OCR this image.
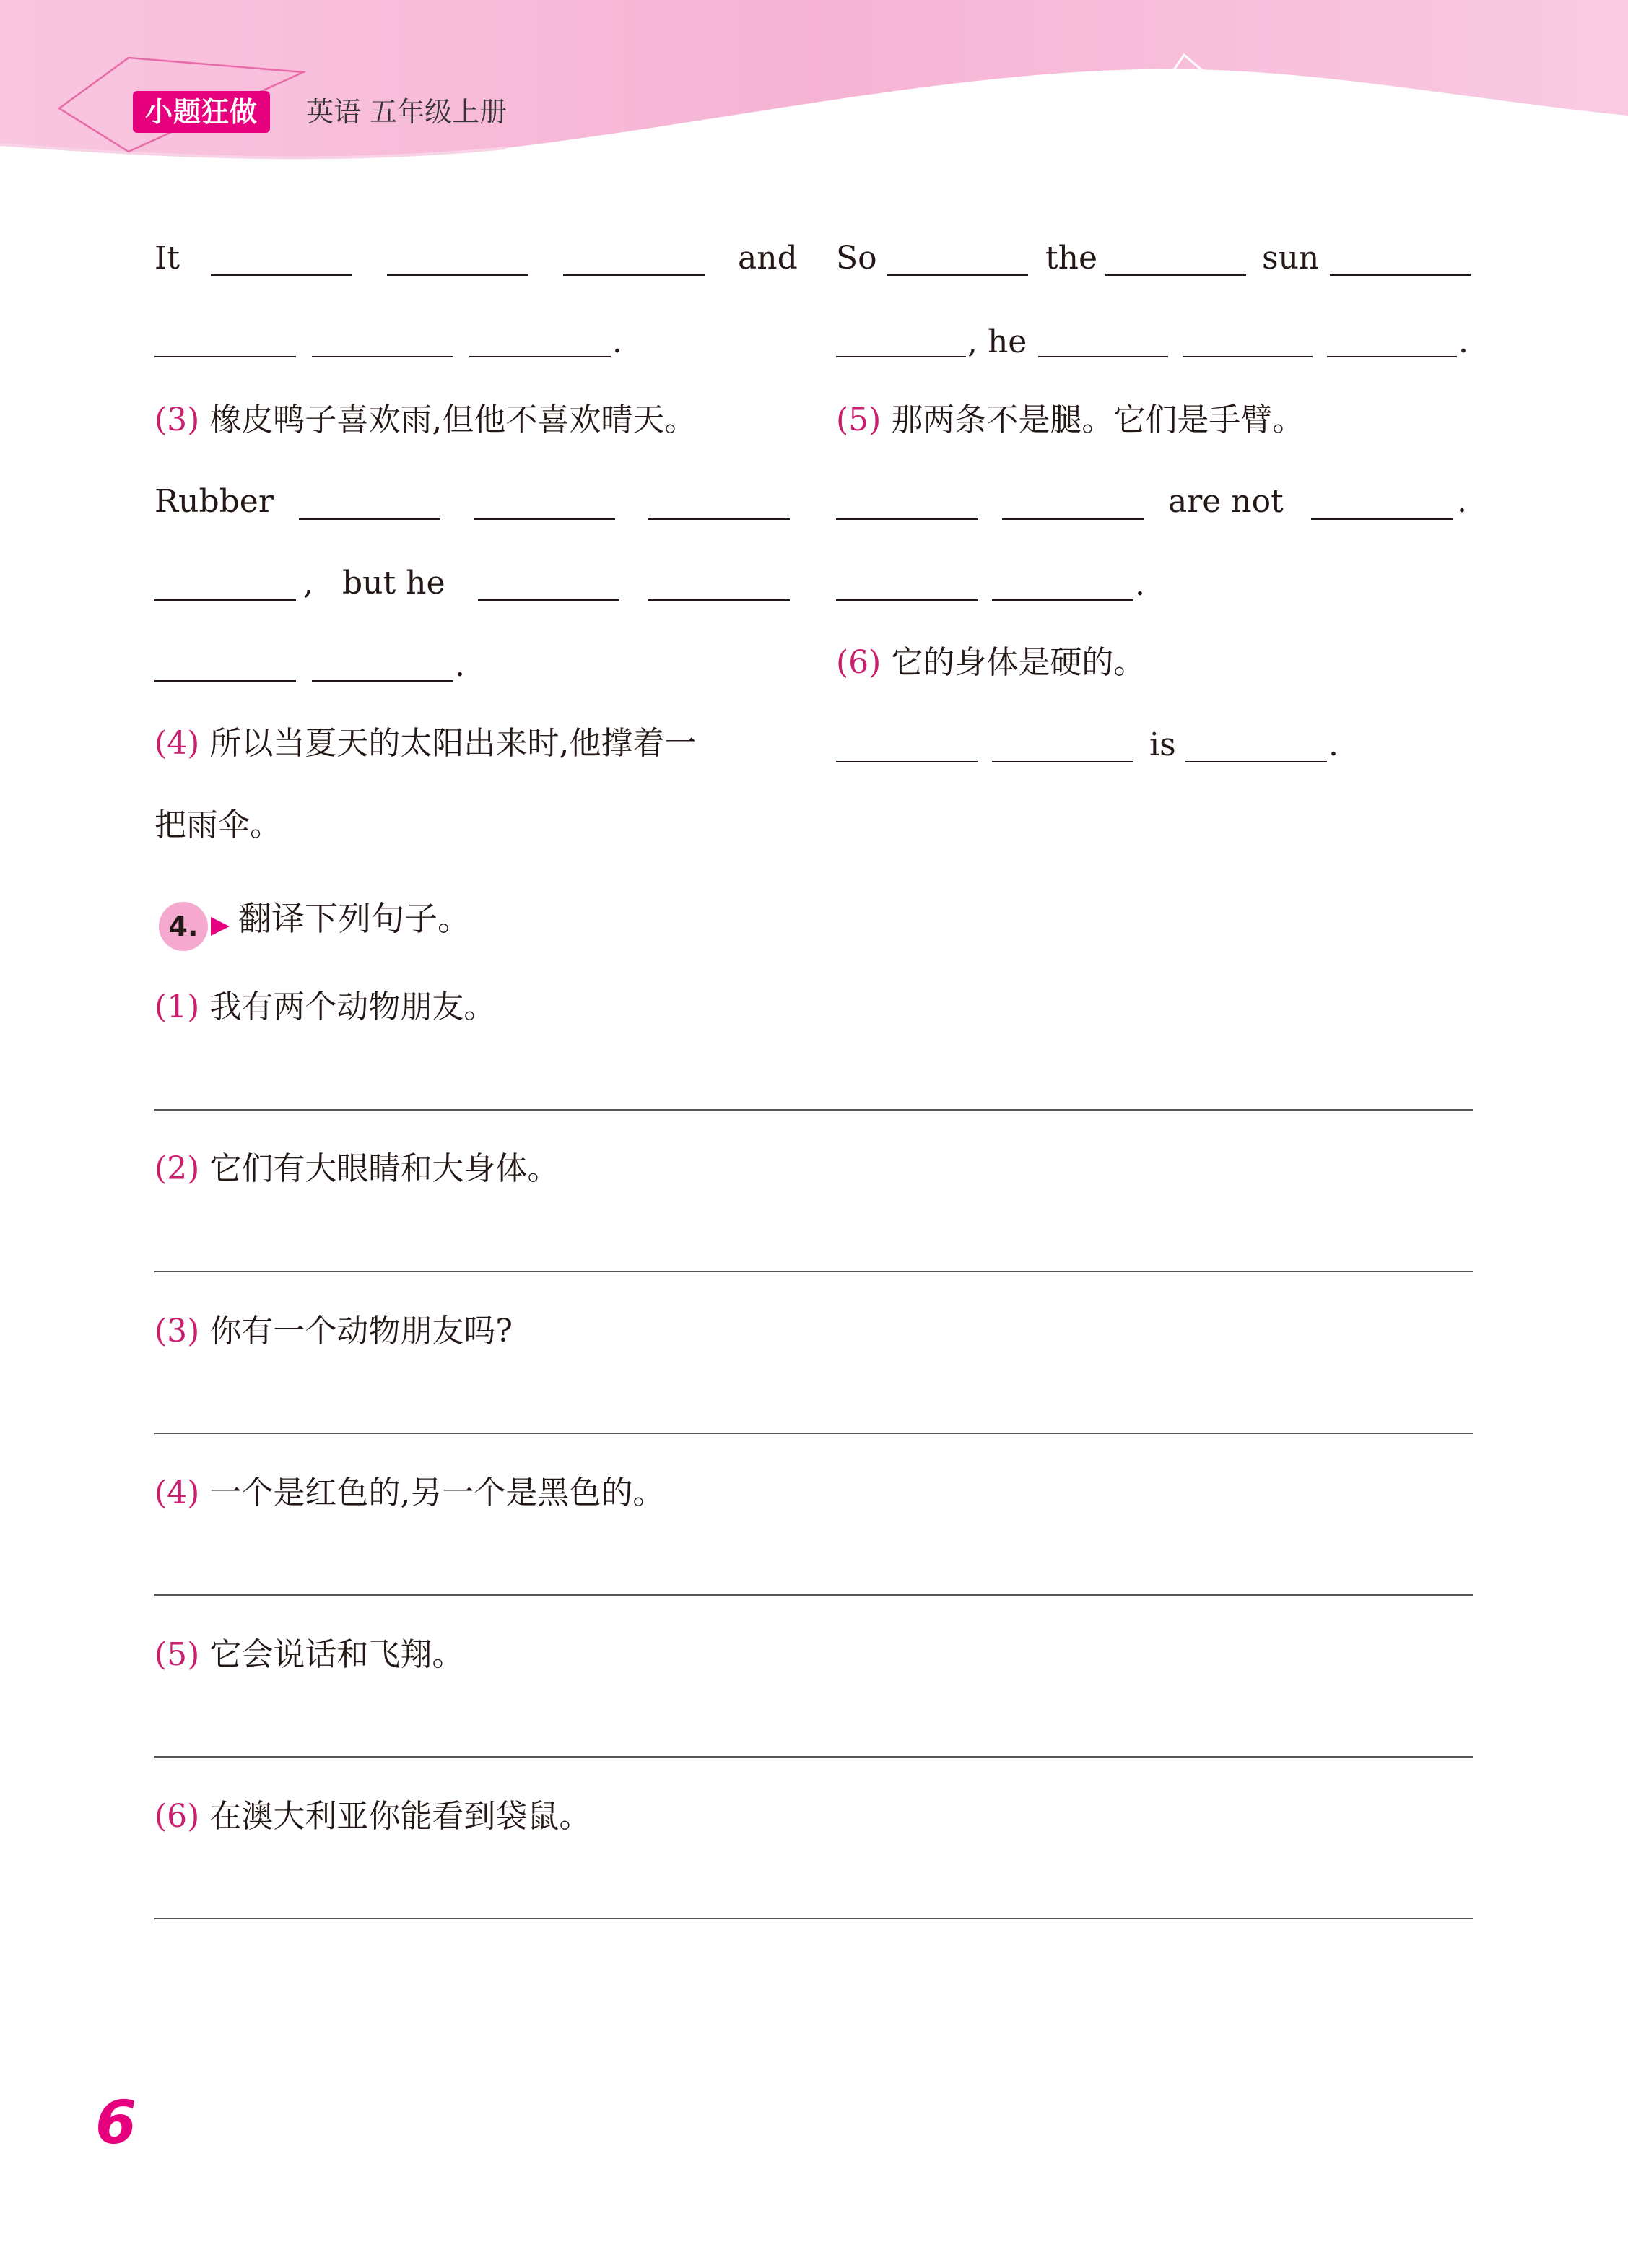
小题狂做	英语 五年级上册
It	and
.
(3) 橡皮鸭子喜欢雨,但他不喜欢晴天。
Rubber
, but he
.
(4) 所以当夏天的太阳出来时,他撑着一
把雨伞。
So	the	sun
, he	.
(5) 那两条不是腿。它们是手臂。
are not	.
.
(6) 它的身体是硬的。
is	.
4. 翻译下列句子。
(1) 我有两个动物朋友。
(2) 它们有大眼睛和大身体。
(3) 你有一个动物朋友吗?
(4) 一个是红色的,另一个是黑色的。
(5) 它会说话和飞翔。
(6) 在澳大利亚你能看到袋鼠。
6
